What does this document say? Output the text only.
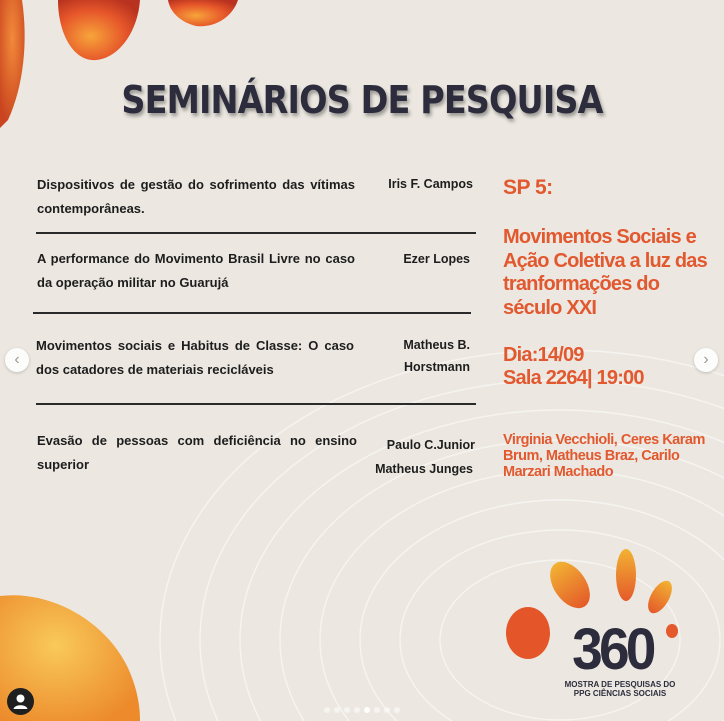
SEMINÁRIOS DE PESQUISA
Dispositivos de gestão do sofrimento das vítimas contemporâneas.
Iris F. Campos
A performance do Movimento Brasil Livre no caso da operação militar no Guarujá
Ezer Lopes
Movimentos sociais e Habitus de Classe: O caso dos catadores de materiais recicláveis
Matheus B.
Horstmann
Evasão de pessoas com deficiência no ensino superior
Paulo C.Junior
Matheus Junges
SP 5:
Movimentos Sociais e Ação Coletiva a luz das tranformações do século XXI
Dia:14/09
Sala 2264| 19:00
Virginia Vecchioli, Ceres Karam Brum, Matheus Braz, Carilo Marzari Machado
360
MOSTRA DE PESQUISAS DO
PPG CIÊNCIAS SOCIAIS
‹	›
